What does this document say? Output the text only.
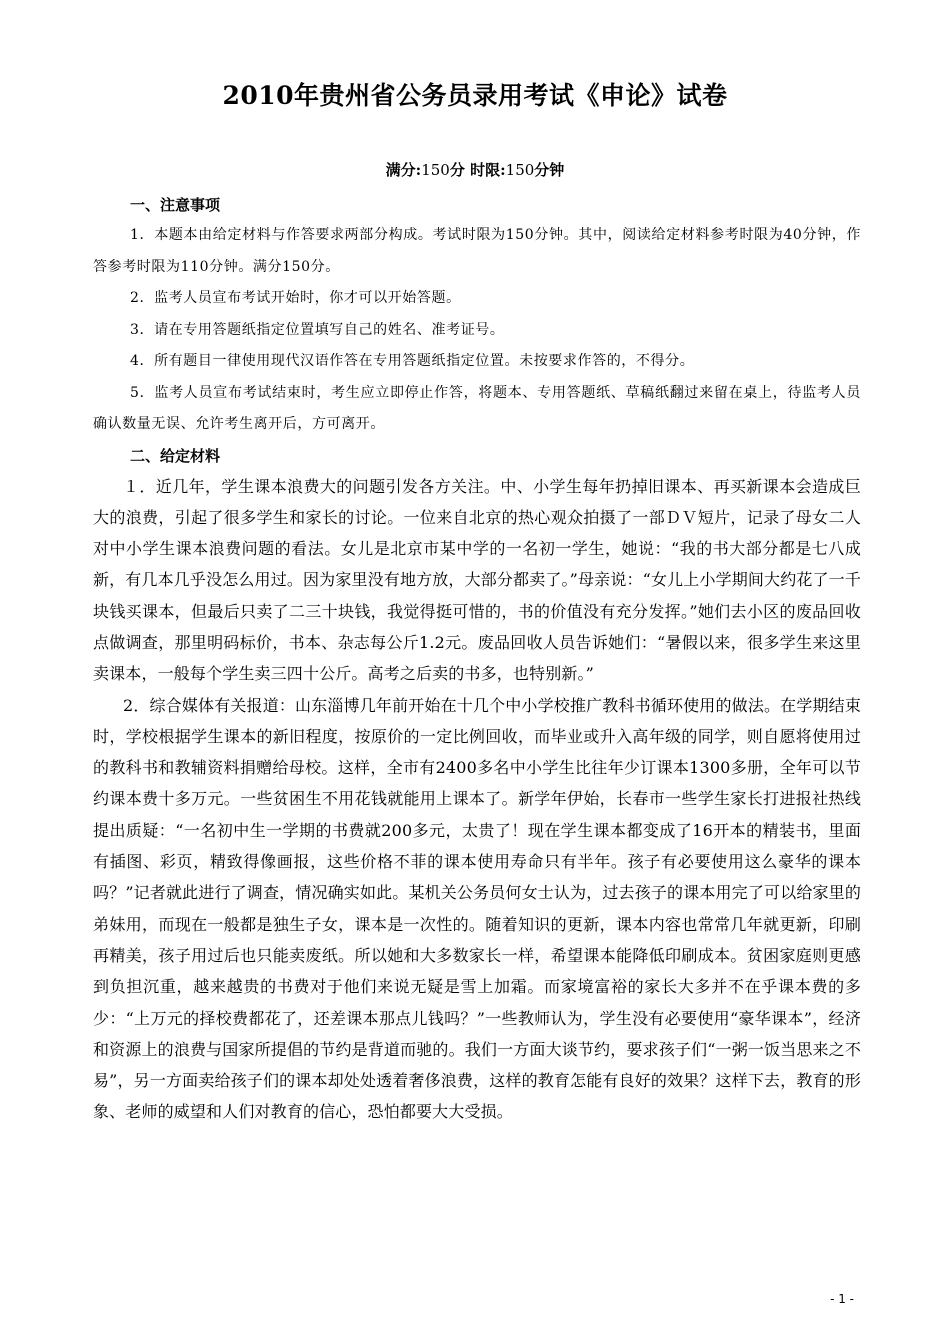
2010年贵州省公务员录用考试《申论》试卷
满分:150分 时限:150分钟
一、注意事项

1．本题本由给定材料与作答要求两部分构成。考试时限为150分钟。其中，阅读给定材料参考时限为40分钟，作答参考时限为110分钟。满分150分。

2．监考人员宣布考试开始时，你才可以开始答题。

3．请在专用答题纸指定位置填写自己的姓名、准考证号。

4．所有题目一律使用现代汉语作答在专用答题纸指定位置。未按要求作答的，不得分。

5．监考人员宣布考试结束时，考生应立即停止作答，将题本、专用答题纸、草稿纸翻过来留在桌上，待监考人员确认数量无误、允许考生离开后，方可离开。

二、给定材料

１．近几年，学生课本浪费大的问题引发各方关注。中、小学生每年扔掉旧课本、再买新课本会造成巨大的浪费，引起了很多学生和家长的讨论。一位来自北京的热心观众拍摄了一部ＤＶ短片，记录了母女二人对中小学生课本浪费问题的看法。女儿是北京市某中学的一名初一学生，她说：“我的书大部分都是七八成新，有几本几乎没怎么用过。因为家里没有地方放，大部分都卖了。”母亲说：“女儿上小学期间大约花了一千块钱买课本，但最后只卖了二三十块钱，我觉得挺可惜的，书的价值没有充分发挥。”她们去小区的废品回收点做调查，那里明码标价，书本、杂志每公斤1.2元。废品回收人员告诉她们：“暑假以来，很多学生来这里卖课本，一般每个学生卖三四十公斤。高考之后卖的书多，也特别新。”

2．综合媒体有关报道：山东淄博几年前开始在十几个中小学校推广教科书循环使用的做法。在学期结束时，学校根据学生课本的新旧程度，按原价的一定比例回收，而毕业或升入高年级的同学，则自愿将使用过的教科书和教辅资料捐赠给母校。这样，全市有2400多名中小学生比往年少订课本1300多册，全年可以节约课本费十多万元。一些贫困生不用花钱就能用上课本了。新学年伊始，长春市一些学生家长打进报社热线提出质疑：“一名初中生一学期的书费就200多元，太贵了！现在学生课本都变成了16开本的精装书，里面有插图、彩页，精致得像画报，这些价格不菲的课本使用寿命只有半年。孩子有必要使用这么豪华的课本吗？”记者就此进行了调查，情况确实如此。某机关公务员何女士认为，过去孩子的课本用完了可以给家里的弟妹用，而现在一般都是独生子女，课本是一次性的。随着知识的更新，课本内容也常常几年就更新，印刷再精美，孩子用过后也只能卖废纸。所以她和大多数家长一样，希望课本能降低印刷成本。贫困家庭则更感到负担沉重，越来越贵的书费对于他们来说无疑是雪上加霜。而家境富裕的家长大多并不在乎课本费的多少：“上万元的择校费都花了，还差课本那点儿钱吗？”一些教师认为，学生没有必要使用“豪华课本”，经济和资源上的浪费与国家所提倡的节约是背道而驰的。我们一方面大谈节约，要求孩子们“一粥一饭当思来之不易”，另一方面卖给孩子们的课本却处处透着奢侈浪费，这样的教育怎能有良好的效果？这样下去，教育的形象、老师的威望和人们对教育的信心，恐怕都要大大受损。

- 1 -
